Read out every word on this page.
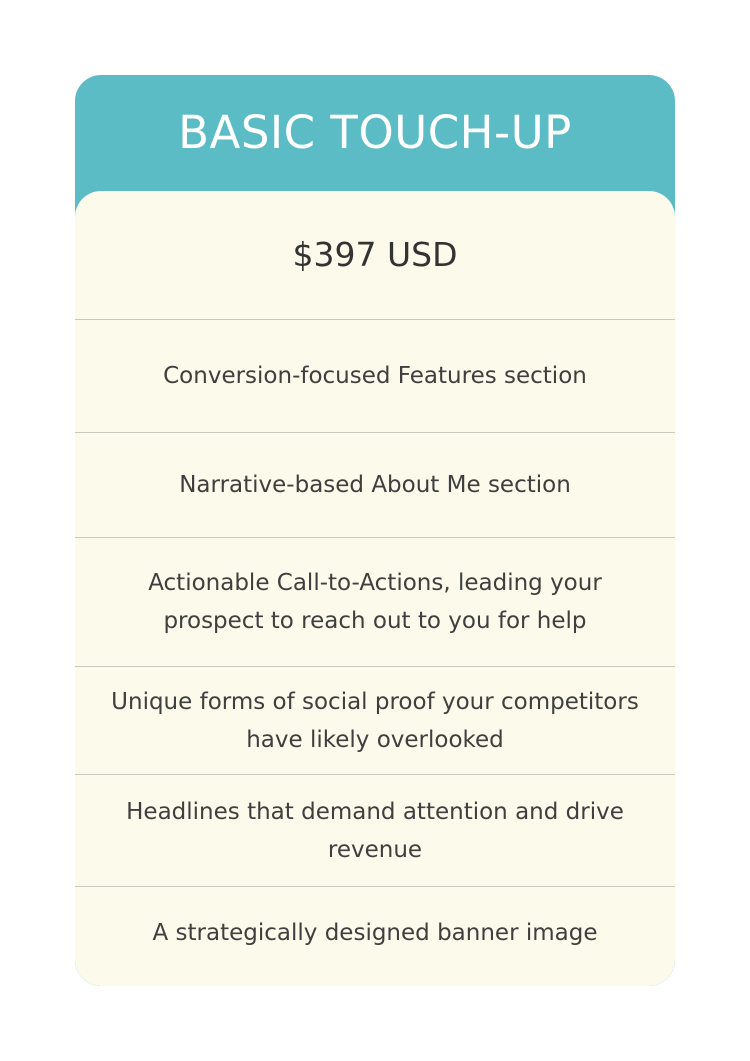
BASIC TOUCH-UP
$397 USD
Conversion-focused Features section
Narrative-based About Me section
Actionable Call-to-Actions, leading your prospect to reach out to you for help
Unique forms of social proof your competitors have likely overlooked
Headlines that demand attention and drive revenue
A strategically designed banner image
